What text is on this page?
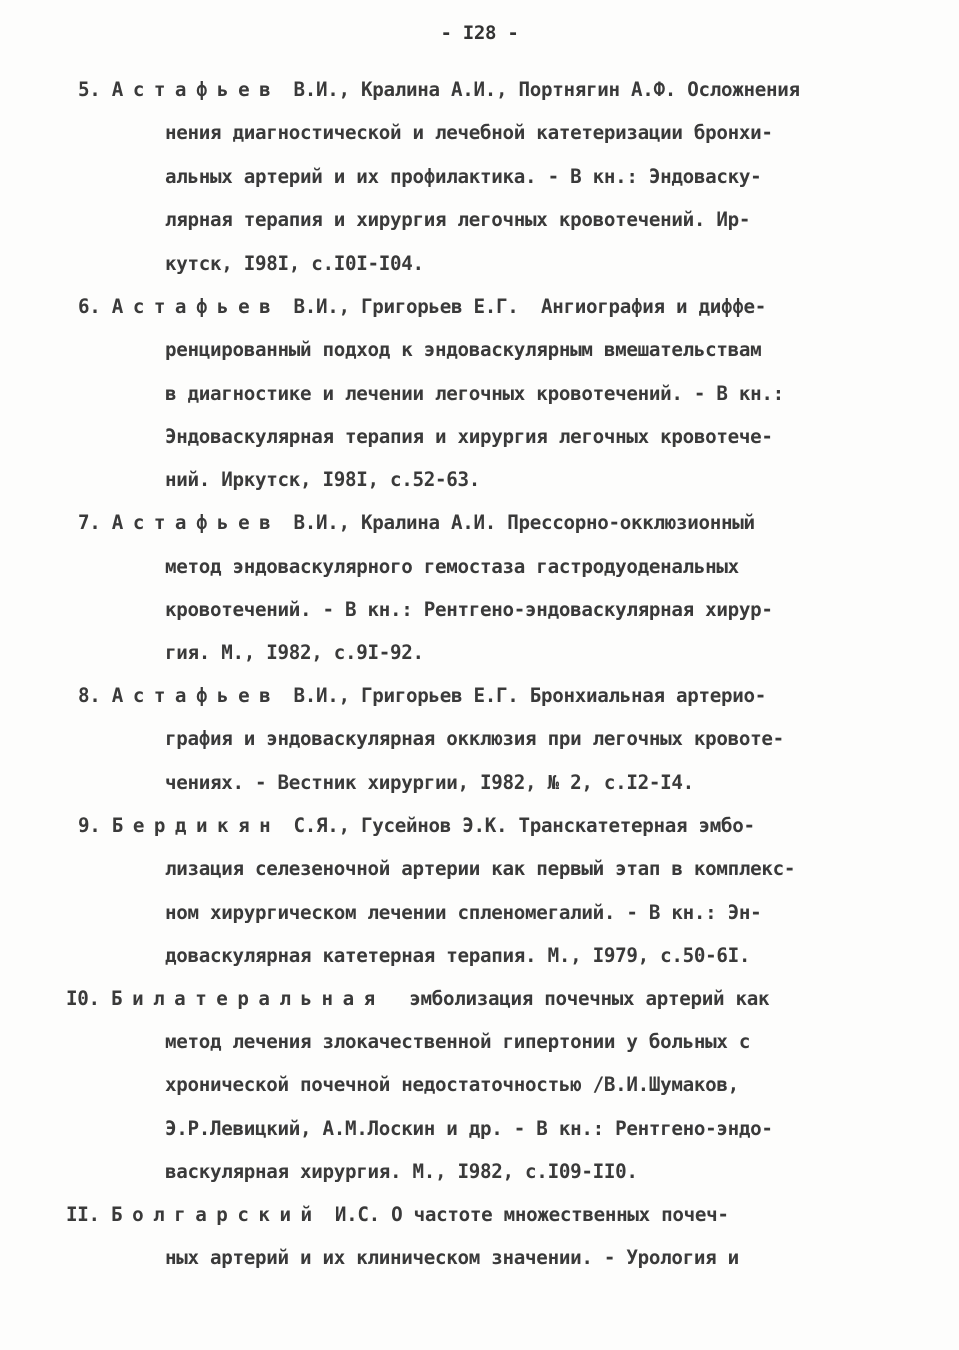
- I28 -
5. Астафьев В.И., Кралина А.И., Портнягин А.Ф. Осложнения
нения диагностической и лечебной катетеризации бронхи-
альных артерий и их профилактика. - В кн.: Эндоваску-
лярная терапия и хирургия легочных кровотечений. Ир-
кутск, I98I, с.I0I-I04.
6. Астафьев В.И., Григорьев Е.Г.  Ангиография и диффе-
ренцированный подход к эндоваскулярным вмешательствам
в диагностике и лечении легочных кровотечений. - В кн.:
Эндоваскулярная терапия и хирургия легочных кровотече-
ний. Иркутск, I98I, с.52-63.
7. Астафьев В.И., Кралина А.И. Прессорно-окклюзионный
метод эндоваскулярного гемостаза гастродуоденальных
кровотечений. - В кн.: Рентгено-эндоваскулярная хирур-
гия. М., I982, с.9I-92.
8. Астафьев В.И., Григорьев Е.Г. Бронхиальная артерио-
графия и эндоваскулярная окклюзия при легочных кровоте-
чениях. - Вестник хирургии, I982, № 2, с.I2-I4.
9. Бердикян С.Я., Гусейнов Э.К. Транскатетерная эмбо-
лизация селезеночной артерии как первый этап в комплекс-
ном хирургическом лечении спленомегалий. - В кн.: Эн-
доваскулярная катетерная терапия. М., I979, с.50-6I.
I0. Билатеральная эмболизация почечных артерий как
метод лечения злокачественной гипертонии у больных с
хронической почечной недостаточностью /В.И.Шумаков,
Э.Р.Левицкий, А.М.Лоскин и др. - В кн.: Рентгено-эндо-
васкулярная хирургия. М., I982, с.I09-II0.
II. Болгарский И.С. О частоте множественных почеч-
ных артерий и их клиническом значении. - Урология и
